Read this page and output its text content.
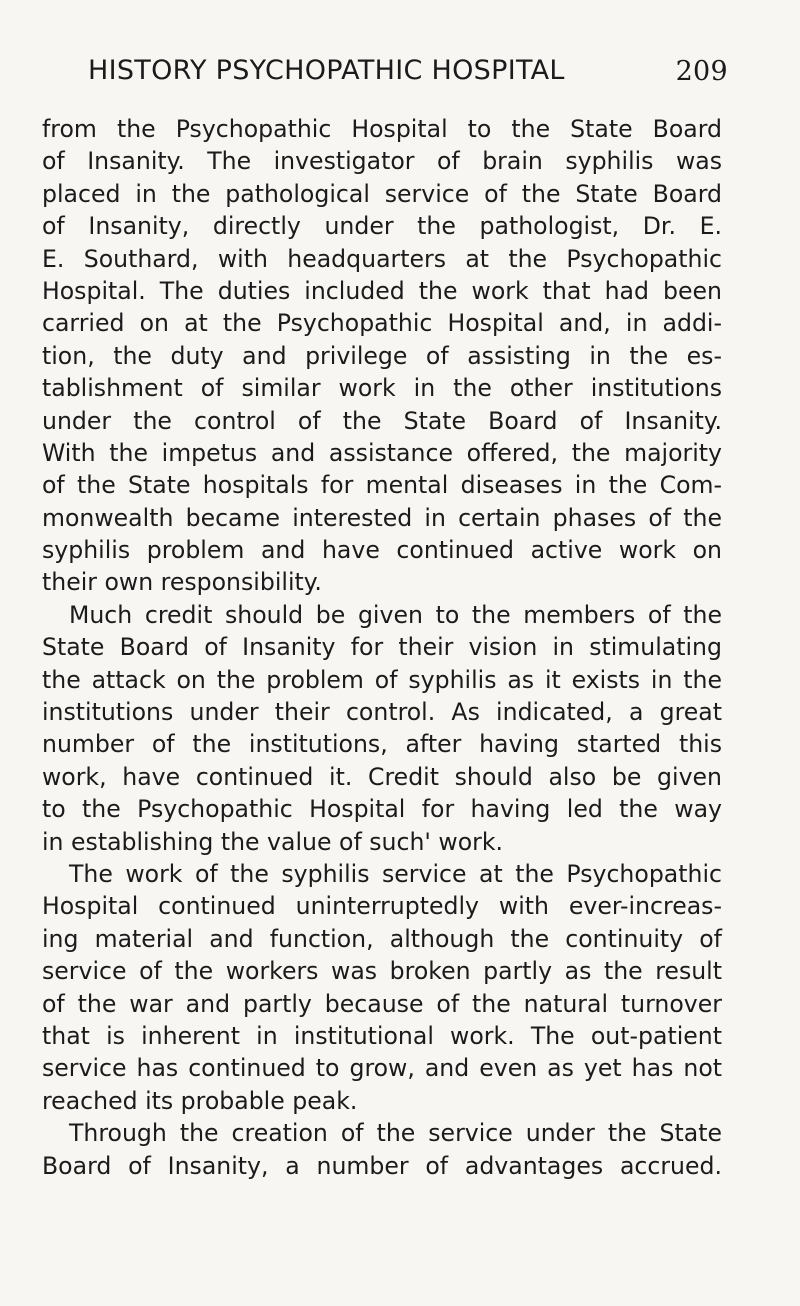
HISTORY PSYCHOPATHIC HOSPITAL	209
from the Psychopathic Hospital to the State Board
of Insanity. The investigator of brain syphilis was
placed in the pathological service of the State Board
of Insanity, directly under the pathologist, Dr. E.
E. Southard, with headquarters at the Psychopathic
Hospital. The duties included the work that had been
carried on at the Psychopathic Hospital and, in addi-
tion, the duty and privilege of assisting in the es-
tablishment of similar work in the other institutions
under the control of the State Board of Insanity.
With the impetus and assistance offered, the majority
of the State hospitals for mental diseases in the Com-
monwealth became interested in certain phases of the
syphilis problem and have continued active work on
their own responsibility.
Much credit should be given to the members of the
State Board of Insanity for their vision in stimulating
the attack on the problem of syphilis as it exists in the
institutions under their control. As indicated, a great
number of the institutions, after having started this
work, have continued it. Credit should also be given
to the Psychopathic Hospital for having led the way
in establishing the value of such' work.
The work of the syphilis service at the Psychopathic
Hospital continued uninterruptedly with ever-increas-
ing material and function, although the continuity of
service of the workers was broken partly as the result
of the war and partly because of the natural turnover
that is inherent in institutional work. The out-patient
service has continued to grow, and even as yet has not
reached its probable peak.
Through the creation of the service under the State
Board of Insanity, a number of advantages accrued.
